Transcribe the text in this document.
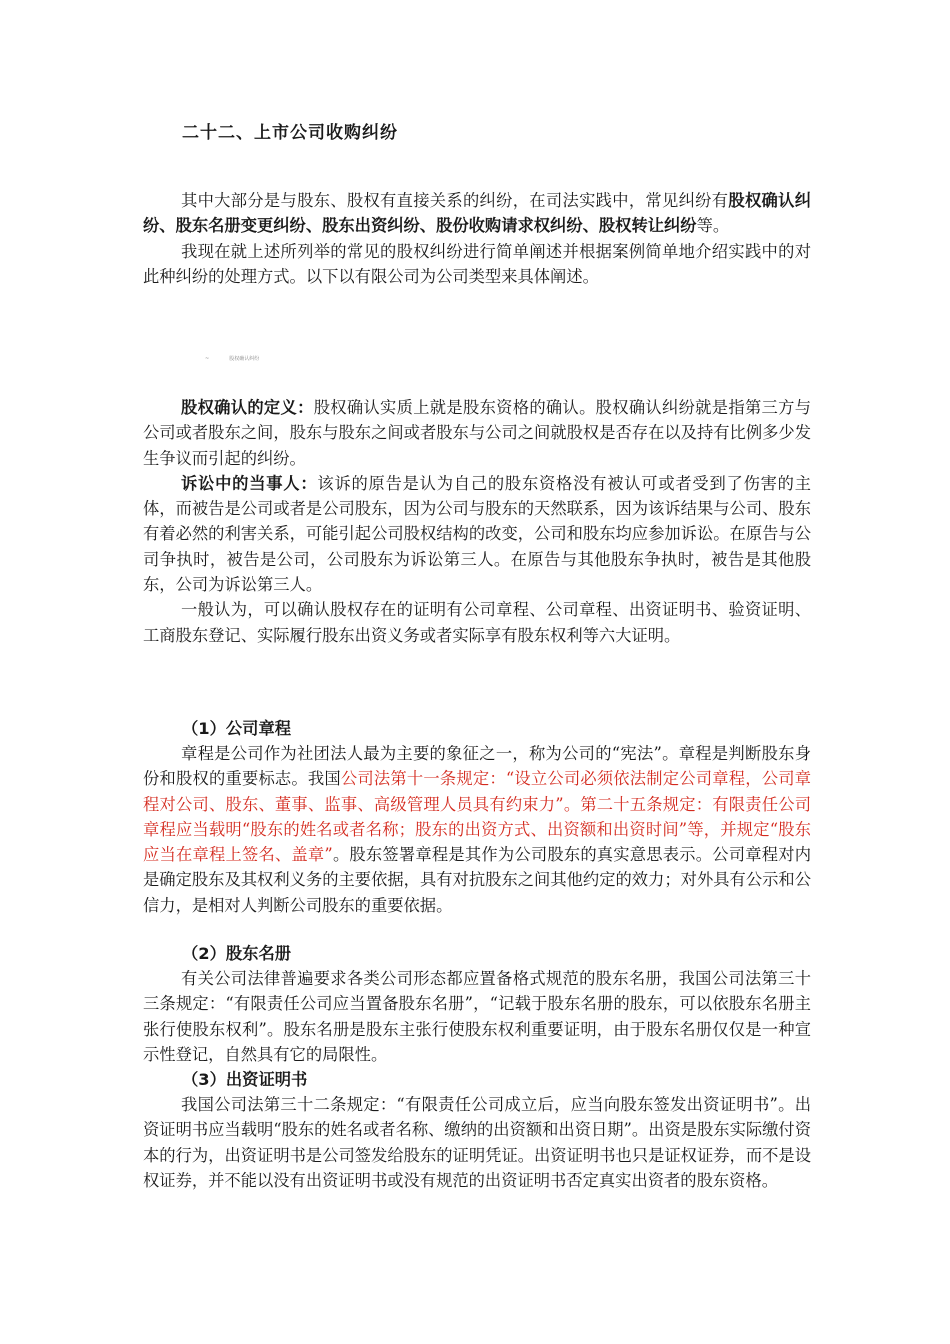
二十二、上市公司收购纠纷

其中大部分是与股东、股权有直接关系的纠纷，在司法实践中，常见纠纷有股权确认纠纷、股东名册变更纠纷、股东出资纠纷、股份收购请求权纠纷、股权转让纠纷等。

我现在就上述所列举的常见的股权纠纷进行简单阐述并根据案例简单地介绍实践中的对此种纠纷的处理方式。以下以有限公司为公司类型来具体阐述。

~	股权确认纠纷

股权确认的定义：股权确认实质上就是股东资格的确认。股权确认纠纷就是指第三方与公司或者股东之间，股东与股东之间或者股东与公司之间就股权是否存在以及持有比例多少发生争议而引起的纠纷。

诉讼中的当事人：该诉的原告是认为自己的股东资格没有被认可或者受到了伤害的主体，而被告是公司或者是公司股东，因为公司与股东的天然联系，因为该诉结果与公司、股东有着必然的利害关系，可能引起公司股权结构的改变，公司和股东均应参加诉讼。在原告与公司争执时，被告是公司，公司股东为诉讼第三人。在原告与其他股东争执时，被告是其他股东，公司为诉讼第三人。

一般认为，可以确认股权存在的证明有公司章程、公司章程、出资证明书、验资证明、工商股东登记、实际履行股东出资义务或者实际享有股东权利等六大证明。

（1）公司章程

章程是公司作为社团法人最为主要的象征之一，称为公司的“宪法”。章程是判断股东身份和股权的重要标志。我国公司法第十一条规定：“设立公司必须依法制定公司章程，公司章程对公司、股东、董事、监事、高级管理人员具有约束力”。第二十五条规定：有限责任公司章程应当载明“股东的姓名或者名称；股东的出资方式、出资额和出资时间”等，并规定“股东应当在章程上签名、盖章”。股东签署章程是其作为公司股东的真实意思表示。公司章程对内是确定股东及其权利义务的主要依据，具有对抗股东之间其他约定的效力；对外具有公示和公信力，是相对人判断公司股东的重要依据。

（2）股东名册

有关公司法律普遍要求各类公司形态都应置备格式规范的股东名册，我国公司法第三十三条规定：“有限责任公司应当置备股东名册”，“记载于股东名册的股东，可以依股东名册主张行使股东权利”。股东名册是股东主张行使股东权利重要证明，由于股东名册仅仅是一种宣示性登记，自然具有它的局限性。

（3）出资证明书

我国公司法第三十二条规定：“有限责任公司成立后，应当向股东签发出资证明书”。出资证明书应当载明“股东的姓名或者名称、缴纳的出资额和出资日期”。出资是股东实际缴付资本的行为，出资证明书是公司签发给股东的证明凭证。出资证明书也只是证权证券，而不是设权证券，并不能以没有出资证明书或没有规范的出资证明书否定真实出资者的股东资格。
